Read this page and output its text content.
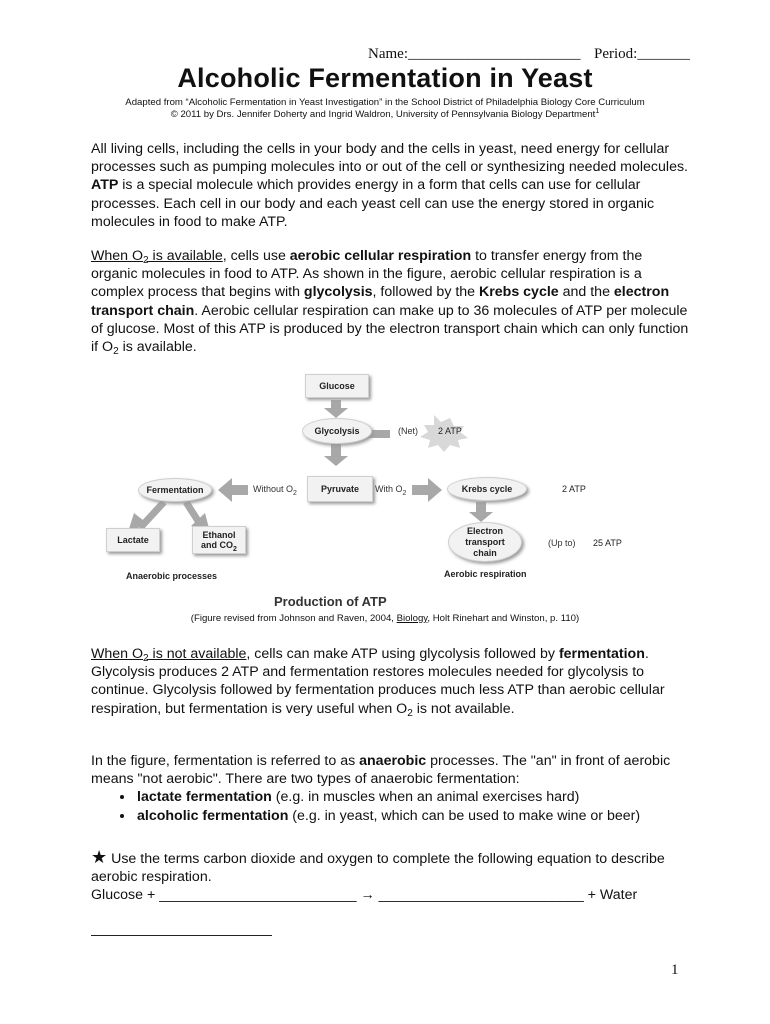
Name:_______________________ Period:_______
Alcoholic Fermentation in Yeast
Adapted from “Alcoholic Fermentation in Yeast Investigation” in the School District of Philadelphia Biology Core Curriculum
© 2011 by Drs. Jennifer Doherty and Ingrid Waldron, University of Pennsylvania Biology Department$^1$
All living cells, including the cells in your body and the cells in yeast, need energy for cellular processes such as pumping molecules into or out of the cell or synthesizing needed molecules. ATP is a special molecule which provides energy in a form that cells can use for cellular processes. Each cell in our body and each yeast cell can use the energy stored in organic molecules in food to make ATP.
When $O_2$ is available, cells use aerobic cellular respiration to transfer energy from the organic molecules in food to ATP. As shown in the figure, aerobic cellular respiration is a complex process that begins with glycolysis, followed by the Krebs cycle and the electron transport chain. Aerobic cellular respiration can make up to 36 molecules of ATP per molecule of glucose. Most of this ATP is produced by the electron transport chain which can only function if $O_2$ is available.
Glucose
Glycolysis	(Net) 2 ATP
Fermentation	Without $O_2$	Pyruvate	With $O_2$	Krebs cycle	2 ATP
Lactate	Ethanol
and $CO_2$
Electron
transport
chain
(Up to) 25 ATP
Anaerobic processes	Aerobic respiration
Production of ATP
(Figure revised from Johnson and Raven, 2004, Biology, Holt Rinehart and Winston, p. 110)
When $O_2$ is not available, cells can make ATP using glycolysis followed by fermentation. Glycolysis produces 2 ATP and fermentation restores molecules needed for glycolysis to continue. Glycolysis followed by fermentation produces much less ATP than aerobic cellular respiration, but fermentation is very useful when $O_2$ is not available.
In the figure, fermentation is referred to as anaerobic processes. The "an" in front of aerobic means "not aerobic". There are two types of anaerobic fermentation:
• lactate fermentation (e.g. in muscles when an animal exercises hard)
• alcoholic fermentation (e.g. in yeast, which can be used to make wine or beer)
★ Use the terms carbon dioxide and oxygen to complete the following equation to describe aerobic respiration.
Glucose + _________________________ → __________________________ + Water
1
